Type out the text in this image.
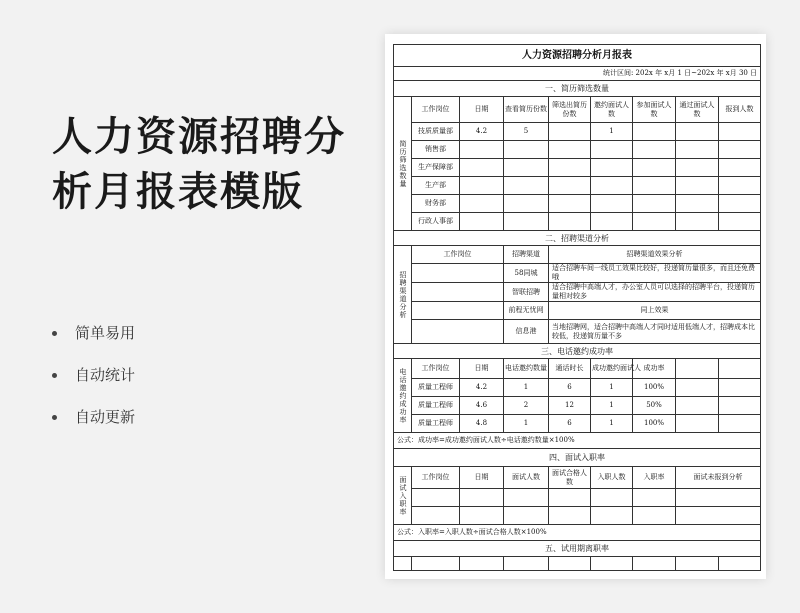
人力资源招聘分
析月报表模版
简单易用
自动统计
自动更新
人力资源招聘分析月报表								
统计区间: 202x 年 x月 1 日~202x 年 x月 30 日								
一、简历筛选数量								
简历筛选数量	工作岗位	日期	查看简历份数	筛选出简历份数	邀约面试人数	参加面试人数	通过面试人数	报到人数
	技质质量部	4.2	5		1			
	销售部							
	生产保障部							
	生产部							
	财务部							
	行政人事部							
二、招聘渠道分析								
招聘渠道分析	工作岗位		招聘渠道	招聘渠道效果分析				
			58同城	适合招聘车间一线员工效果比较好，投递简历量很多，而且还免费哦				
			智联招聘	适合招聘中高端人才，办公室人员可以选择的招聘平台，投递简历量相对较多				
			前程无忧网	同上效果				
			信息港	当地招聘网，适合招聘中高端人才同时适用低端人才，招聘成本比较低，投递简历量不多				
三、电话邀约成功率								
电话邀约成功率	工作岗位	日期	电话邀约数量	通话时长	成功邀约面试人	成功率		
	质量工程师	4.2	1	6	1	100%		
	质量工程师	4.6	2	12	1	50%		
	质量工程师	4.8	1	6	1	100%		
公式：成功率=成功邀约面试人数÷电话邀约数量×100%								
四、面试入职率								
面试入职率	工作岗位	日期	面试人数	面试合格人数	入职人数	入职率	面试未报到分析	

公式：入职率=入职人数÷面试合格人数×100%								
五、试用期离职率								
